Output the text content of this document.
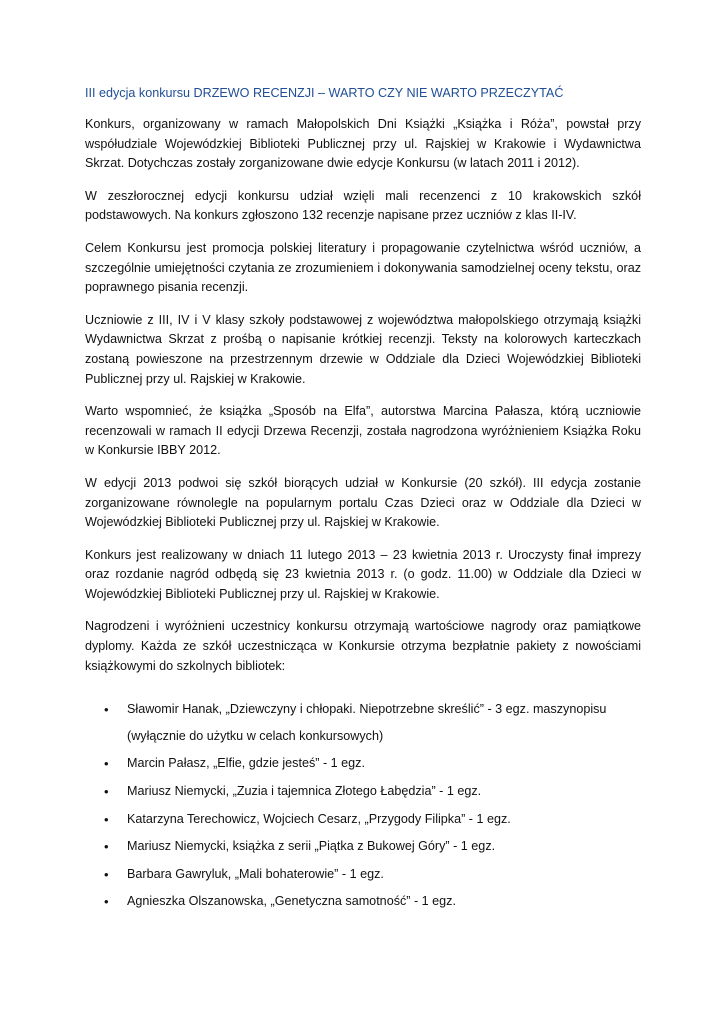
III edycja konkursu DRZEWO RECENZJI – WARTO CZY NIE WARTO PRZECZYTAĆ

Konkurs, organizowany w ramach Małopolskich Dni Książki „Książka i Róża”, powstał przy współudziale Wojewódzkiej Biblioteki Publicznej przy ul. Rajskiej w Krakowie i Wydawnictwa Skrzat. Dotychczas zostały zorganizowane dwie edycje Konkursu (w latach 2011 i 2012).

W zeszłorocznej edycji konkursu udział wzięli mali recenzenci z 10 krakowskich szkół podstawowych. Na konkurs zgłoszono 132 recenzje napisane przez uczniów z klas II-IV.

Celem Konkursu jest promocja polskiej literatury i propagowanie czytelnictwa wśród uczniów, a szczególnie umiejętności czytania ze zrozumieniem i dokonywania samodzielnej oceny tekstu, oraz poprawnego pisania recenzji.

Uczniowie z III, IV i V klasy szkoły podstawowej z województwa małopolskiego otrzymają książki Wydawnictwa Skrzat z prośbą o napisanie krótkiej recenzji. Teksty na kolorowych karteczkach zostaną powieszone na przestrzennym drzewie w Oddziale dla Dzieci Wojewódzkiej Biblioteki Publicznej przy ul. Rajskiej w Krakowie.

Warto wspomnieć, że książka „Sposób na Elfa”, autorstwa Marcina Pałasza, którą uczniowie recenzowali w ramach II edycji Drzewa Recenzji, została nagrodzona wyróżnieniem Książka Roku w Konkursie IBBY 2012.

W edycji 2013 podwoi się szkół biorących udział w Konkursie (20 szkół). III edycja zostanie zorganizowane równolegle na popularnym portalu Czas Dzieci oraz w Oddziale dla Dzieci w Wojewódzkiej Biblioteki Publicznej przy ul. Rajskiej w Krakowie.

Konkurs jest realizowany w dniach 11 lutego 2013 – 23 kwietnia 2013 r. Uroczysty finał imprezy oraz rozdanie nagród odbędą się 23 kwietnia 2013 r. (o godz. 11.00) w Oddziale dla Dzieci w Wojewódzkiej Biblioteki Publicznej przy ul. Rajskiej w Krakowie.

Nagrodzeni i wyróżnieni uczestnicy konkursu otrzymają wartościowe nagrody oraz pamiątkowe dyplomy. Każda ze szkół uczestnicząca w Konkursie otrzyma bezpłatnie pakiety z nowościami książkowymi do szkolnych bibliotek:

• Sławomir Hanak, „Dziewczyny i chłopaki. Niepotrzebne skreślić” - 3 egz. maszynopisu
(wyłącznie do użytku w celach konkursowych)
• Marcin Pałasz, „Elfie, gdzie jesteś” - 1 egz.
• Mariusz Niemycki, „Zuzia i tajemnica Złotego Łabędzia” - 1 egz.
• Katarzyna Terechowicz, Wojciech Cesarz, „Przygody Filipka” - 1 egz.
• Mariusz Niemycki, książka z serii „Piątka z Bukowej Góry” - 1 egz.
• Barbara Gawryluk, „Mali bohaterowie” - 1 egz.
• Agnieszka Olszanowska, „Genetyczna samotność” - 1 egz.
